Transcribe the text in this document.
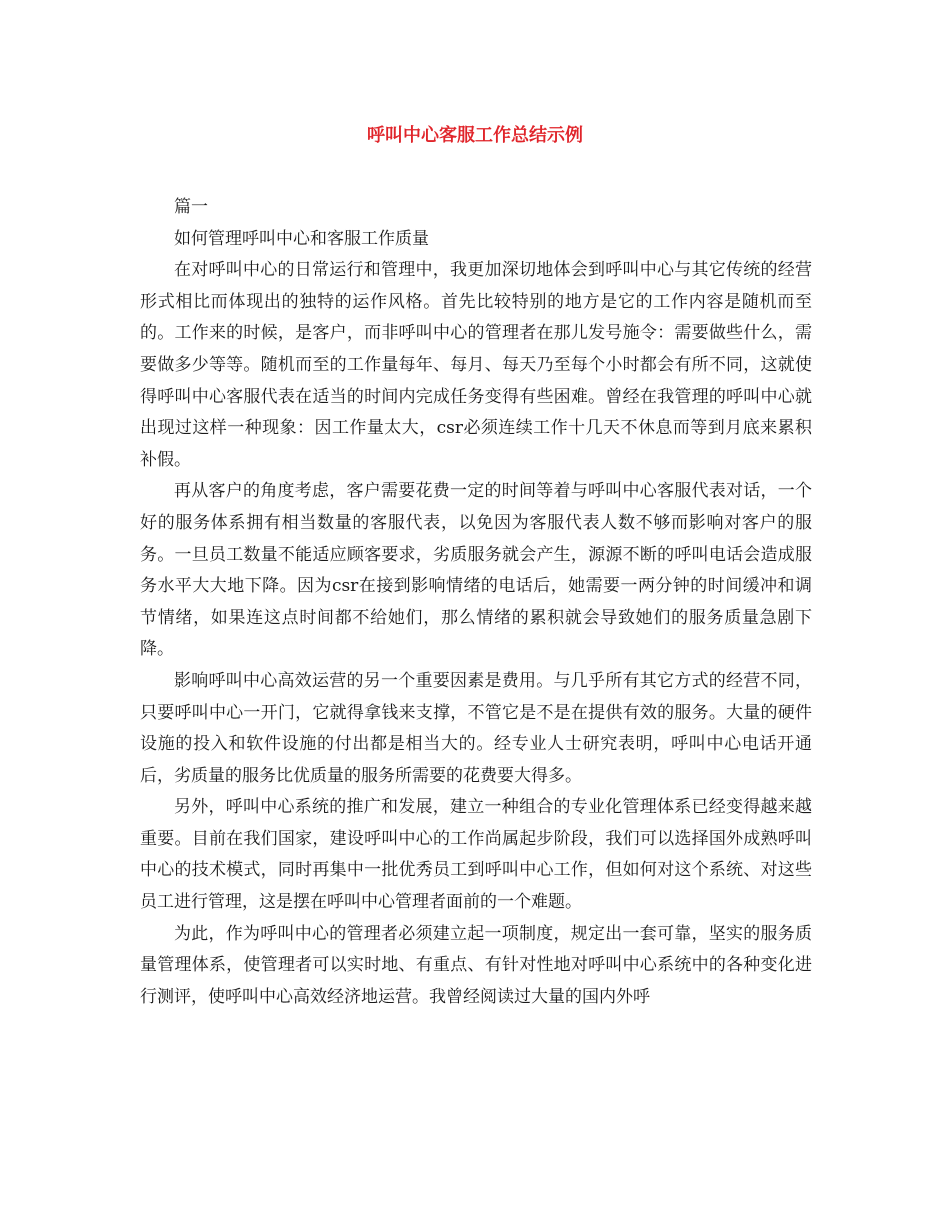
呼叫中心客服工作总结示例

篇一

如何管理呼叫中心和客服工作质量

在对呼叫中心的日常运行和管理中，我更加深切地体会到呼叫中心与其它传统的经营形式相比而体现出的独特的运作风格。首先比较特别的地方是它的工作内容是随机而至的。工作来的时候，是客户，而非呼叫中心的管理者在那儿发号施令：需要做些什么，需要做多少等等。随机而至的工作量每年、每月、每天乃至每个小时都会有所不同，这就使得呼叫中心客服代表在适当的时间内完成任务变得有些困难。曾经在我管理的呼叫中心就出现过这样一种现象：因工作量太大，csr必须连续工作十几天不休息而等到月底来累积补假。

再从客户的角度考虑，客户需要花费一定的时间等着与呼叫中心客服代表对话，一个好的服务体系拥有相当数量的客服代表，以免因为客服代表人数不够而影响对客户的服务。一旦员工数量不能适应顾客要求，劣质服务就会产生，源源不断的呼叫电话会造成服务水平大大地下降。因为csr在接到影响情绪的电话后，她需要一两分钟的时间缓冲和调节情绪，如果连这点时间都不给她们，那么情绪的累积就会导致她们的服务质量急剧下降。

影响呼叫中心高效运营的另一个重要因素是费用。与几乎所有其它方式的经营不同，只要呼叫中心一开门，它就得拿钱来支撑，不管它是不是在提供有效的服务。大量的硬件设施的投入和软件设施的付出都是相当大的。经专业人士研究表明，呼叫中心电话开通后，劣质量的服务比优质量的服务所需要的花费要大得多。

另外，呼叫中心系统的推广和发展，建立一种组合的专业化管理体系已经变得越来越重要。目前在我们国家，建设呼叫中心的工作尚属起步阶段，我们可以选择国外成熟呼叫中心的技术模式，同时再集中一批优秀员工到呼叫中心工作，但如何对这个系统、对这些员工进行管理，这是摆在呼叫中心管理者面前的一个难题。

为此，作为呼叫中心的管理者必须建立起一项制度，规定出一套可靠，坚实的服务质量管理体系，使管理者可以实时地、有重点、有针对性地对呼叫中心系统中的各种变化进行测评，使呼叫中心高效经济地运营。我曾经阅读过大量的国内外呼
